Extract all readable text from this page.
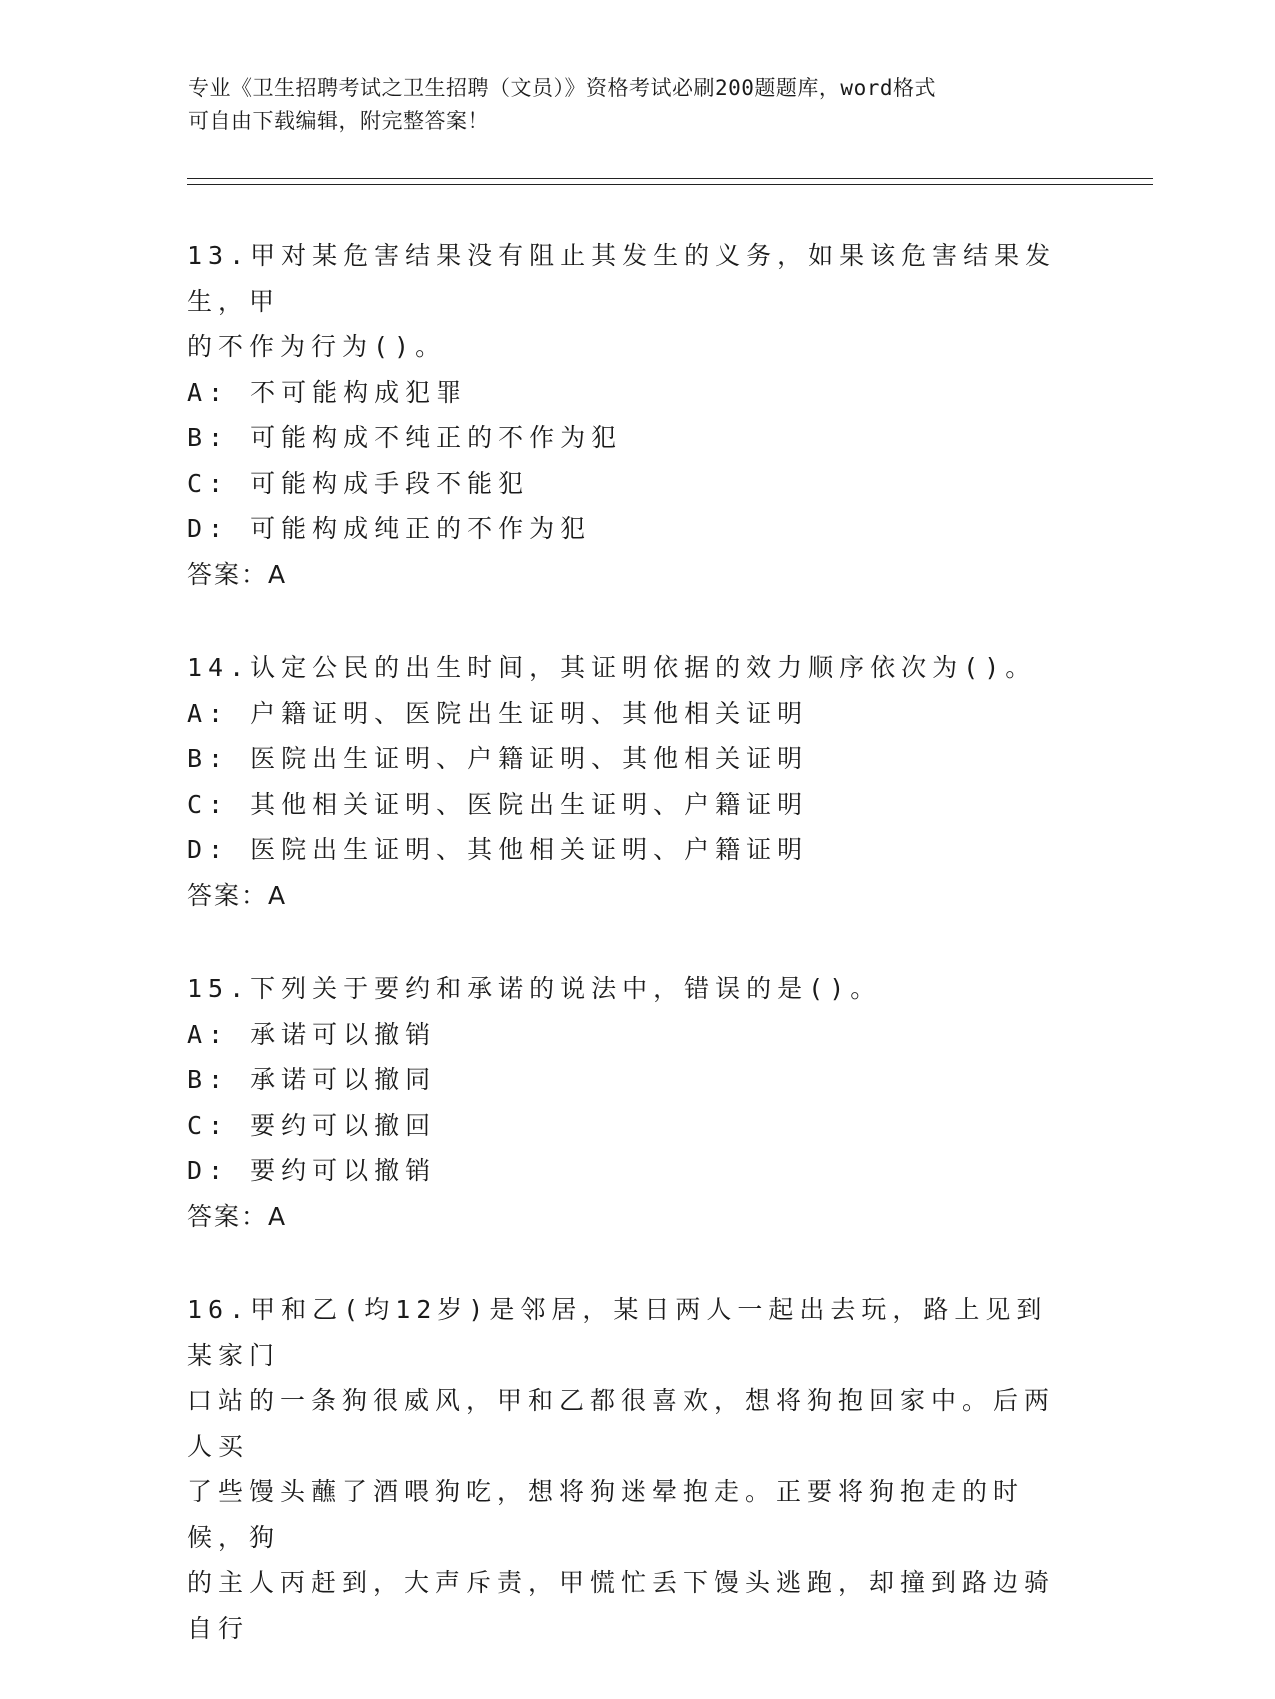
专业《卫生招聘考试之卫生招聘（文员）》资格考试必刷200题题库，word格式
可自由下载编辑，附完整答案！

13.甲对某危害结果没有阻止其发生的义务，如果该危害结果发生，甲

的不作为行为()。

A: 不可能构成犯罪

B: 可能构成不纯正的不作为犯

C: 可能构成手段不能犯

D: 可能构成纯正的不作为犯

答案：A

14.认定公民的出生时间，其证明依据的效力顺序依次为()。

A: 户籍证明、医院出生证明、其他相关证明

B: 医院出生证明、户籍证明、其他相关证明

C: 其他相关证明、医院出生证明、户籍证明

D: 医院出生证明、其他相关证明、户籍证明

答案：A

15.下列关于要约和承诺的说法中，错误的是()。

A: 承诺可以撤销

B: 承诺可以撤同

C: 要约可以撤回

D: 要约可以撤销

答案：A

16.甲和乙(均12岁)是邻居，某日两人一起出去玩，路上见到某家门

口站的一条狗很威风，甲和乙都很喜欢，想将狗抱回家中。后两人买

了些馒头蘸了酒喂狗吃，想将狗迷晕抱走。正要将狗抱走的时候，狗

的主人丙赶到，大声斥责，甲慌忙丢下馒头逃跑，却撞到路边骑自行
